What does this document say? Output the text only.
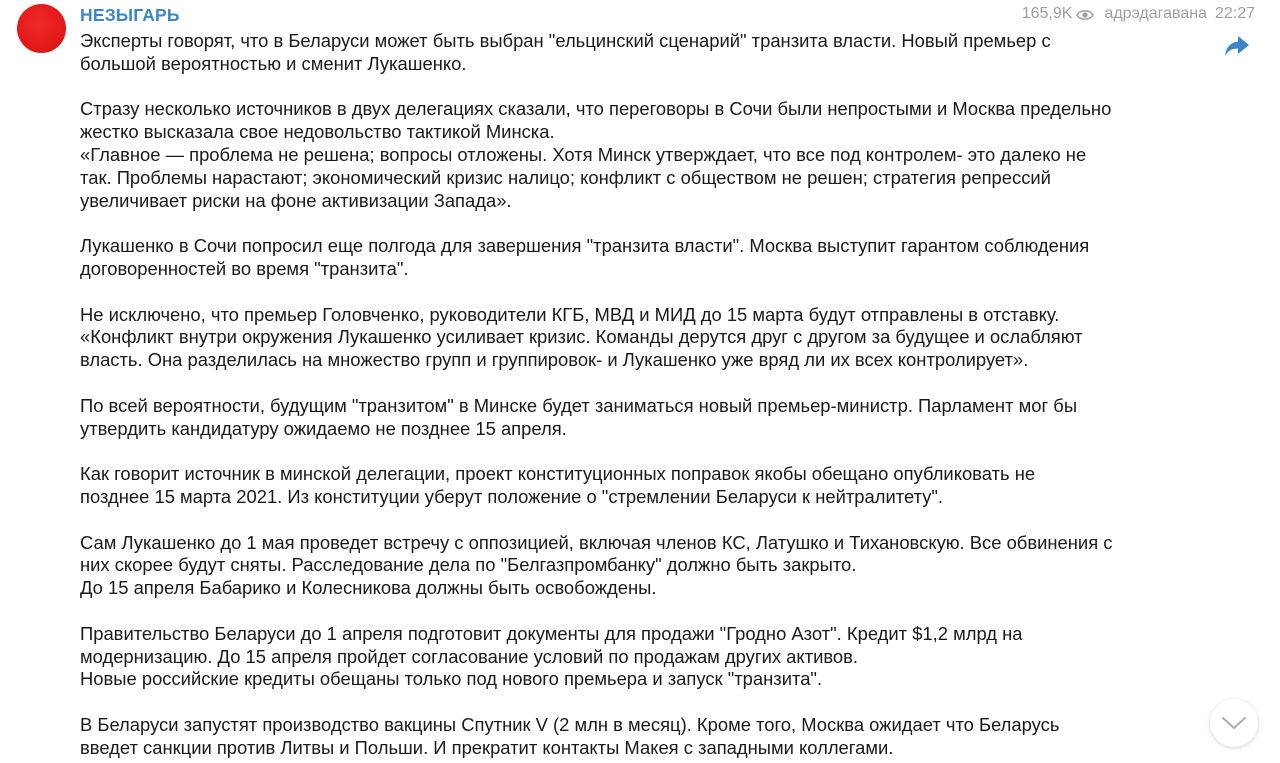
НЕЗЫГАРЬ	165,9K адрэдагавана 22:27

Эксперты говорят, что в Беларуси может быть выбран "ельцинский сценарий" транзита власти. Новый премьер с
большой вероятностью и сменит Лукашенко.

Стразу несколько источников в двух делегациях сказали, что переговоры в Сочи были непростыми и Москва предельно
жестко высказала свое недовольство тактикой Минска.
«Главное — проблема не решена; вопросы отложены. Хотя Минск утверждает, что все под контролем- это далеко не
так. Проблемы нарастают; экономический кризис налицо; конфликт с обществом не решен; стратегия репрессий
увеличивает риски на фоне активизации Запада».

Лукашенко в Сочи попросил еще полгода для завершения "транзита власти". Москва выступит гарантом соблюдения
договоренностей во время "транзита".

Не исключено, что премьер Головченко, руководители КГБ, МВД и МИД до 15 марта будут отправлены в отставку.
«Конфликт внутри окружения Лукашенко усиливает кризис. Команды дерутся друг с другом за будущее и ослабляют
власть. Она разделилась на множество групп и группировок- и Лукашенко уже вряд ли их всех контролирует».

По всей вероятности, будущим "транзитом" в Минске будет заниматься новый премьер-министр. Парламент мог бы
утвердить кандидатуру ожидаемо не позднее 15 апреля.

Как говорит источник в минской делегации, проект конституционных поправок якобы обещано опубликовать не
позднее 15 марта 2021. Из конституции уберут положение о "стремлении Беларуси к нейтралитету".

Сам Лукашенко до 1 мая проведет встречу с оппозицией, включая членов КС, Латушко и Тихановскую. Все обвинения с
них скорее будут сняты. Расследование дела по "Белгазпромбанку" должно быть закрыто.
До 15 апреля Бабарико и Колесникова должны быть освобождены.

Правительство Беларуси до 1 апреля подготовит документы для продажи "Гродно Азот". Кредит $1,2 млрд на
модернизацию. До 15 апреля пройдет согласование условий по продажам других активов.
Новые российские кредиты обещаны только под нового премьера и запуск "транзита".

В Беларуси запустят производство вакцины Спутник V (2 млн в месяц). Кроме того, Москва ожидает что Беларусь
введет санкции против Литвы и Польши. И прекратит контакты Макея с западными коллегами.
